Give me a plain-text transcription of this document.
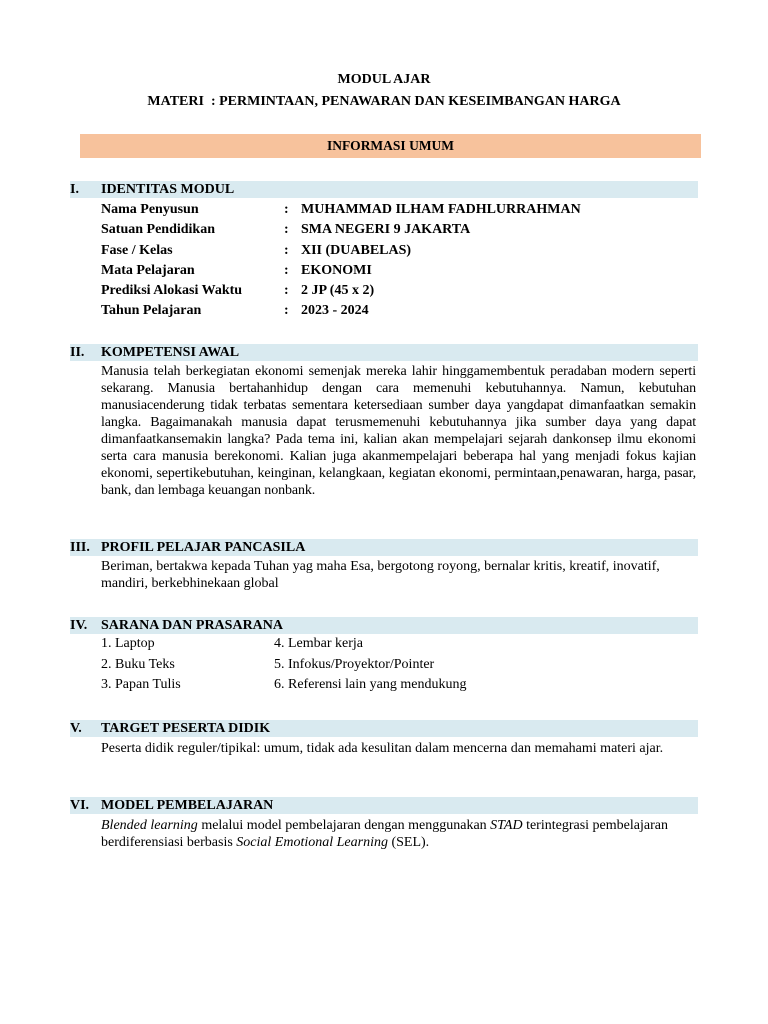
MODUL AJAR
MATERI  : PERMINTAAN, PENAWARAN DAN KESEIMBANGAN HARGA
INFORMASI UMUM
I. IDENTITAS MODUL
Nama Penyusun	: MUHAMMAD ILHAM FADHLURRAHMAN
Satuan Pendidikan	: SMA NEGERI 9 JAKARTA
Fase / Kelas	: XII (DUABELAS)
Mata Pelajaran	: EKONOMI
Prediksi Alokasi Waktu	: 2 JP (45 x 2)
Tahun Pelajaran	: 2023 - 2024
II. KOMPETENSI AWAL
Manusia telah berkegiatan ekonomi semenjak mereka lahir hinggamembentuk peradaban modern seperti sekarang. Manusia bertahanhidup dengan cara memenuhi kebutuhannya. Namun, kebutuhan manusiacenderung tidak terbatas sementara ketersediaan sumber daya yangdapat dimanfaatkan semakin langka. Bagaimanakah manusia dapat terusmemenuhi kebutuhannya jika sumber daya yang dapat dimanfaatkansemakin langka? Pada tema ini, kalian akan mempelajari sejarah dankonsep ilmu ekonomi serta cara manusia berekonomi. Kalian juga akanmempelajari beberapa hal yang menjadi fokus kajian ekonomi, sepertikebutuhan, keinginan, kelangkaan, kegiatan ekonomi, permintaan,penawaran, harga, pasar, bank, dan lembaga keuangan nonbank.
III. PROFIL PELAJAR PANCASILA
Beriman, bertakwa kepada Tuhan yag maha Esa, bergotong royong, bernalar kritis, kreatif, inovatif, mandiri, berkebhinekaan global
IV. SARANA DAN PRASARANA
1. Laptop	4. Lembar kerja
2. Buku Teks	5. Infokus/Proyektor/Pointer
3. Papan Tulis	6. Referensi lain yang mendukung
V. TARGET PESERTA DIDIK
Peserta didik reguler/tipikal: umum, tidak ada kesulitan dalam mencerna dan memahami materi ajar.
VI. MODEL PEMBELAJARAN
Blended learning melalui model pembelajaran dengan menggunakan STAD terintegrasi pembelajaran berdiferensiasi berbasis Social Emotional Learning (SEL).
